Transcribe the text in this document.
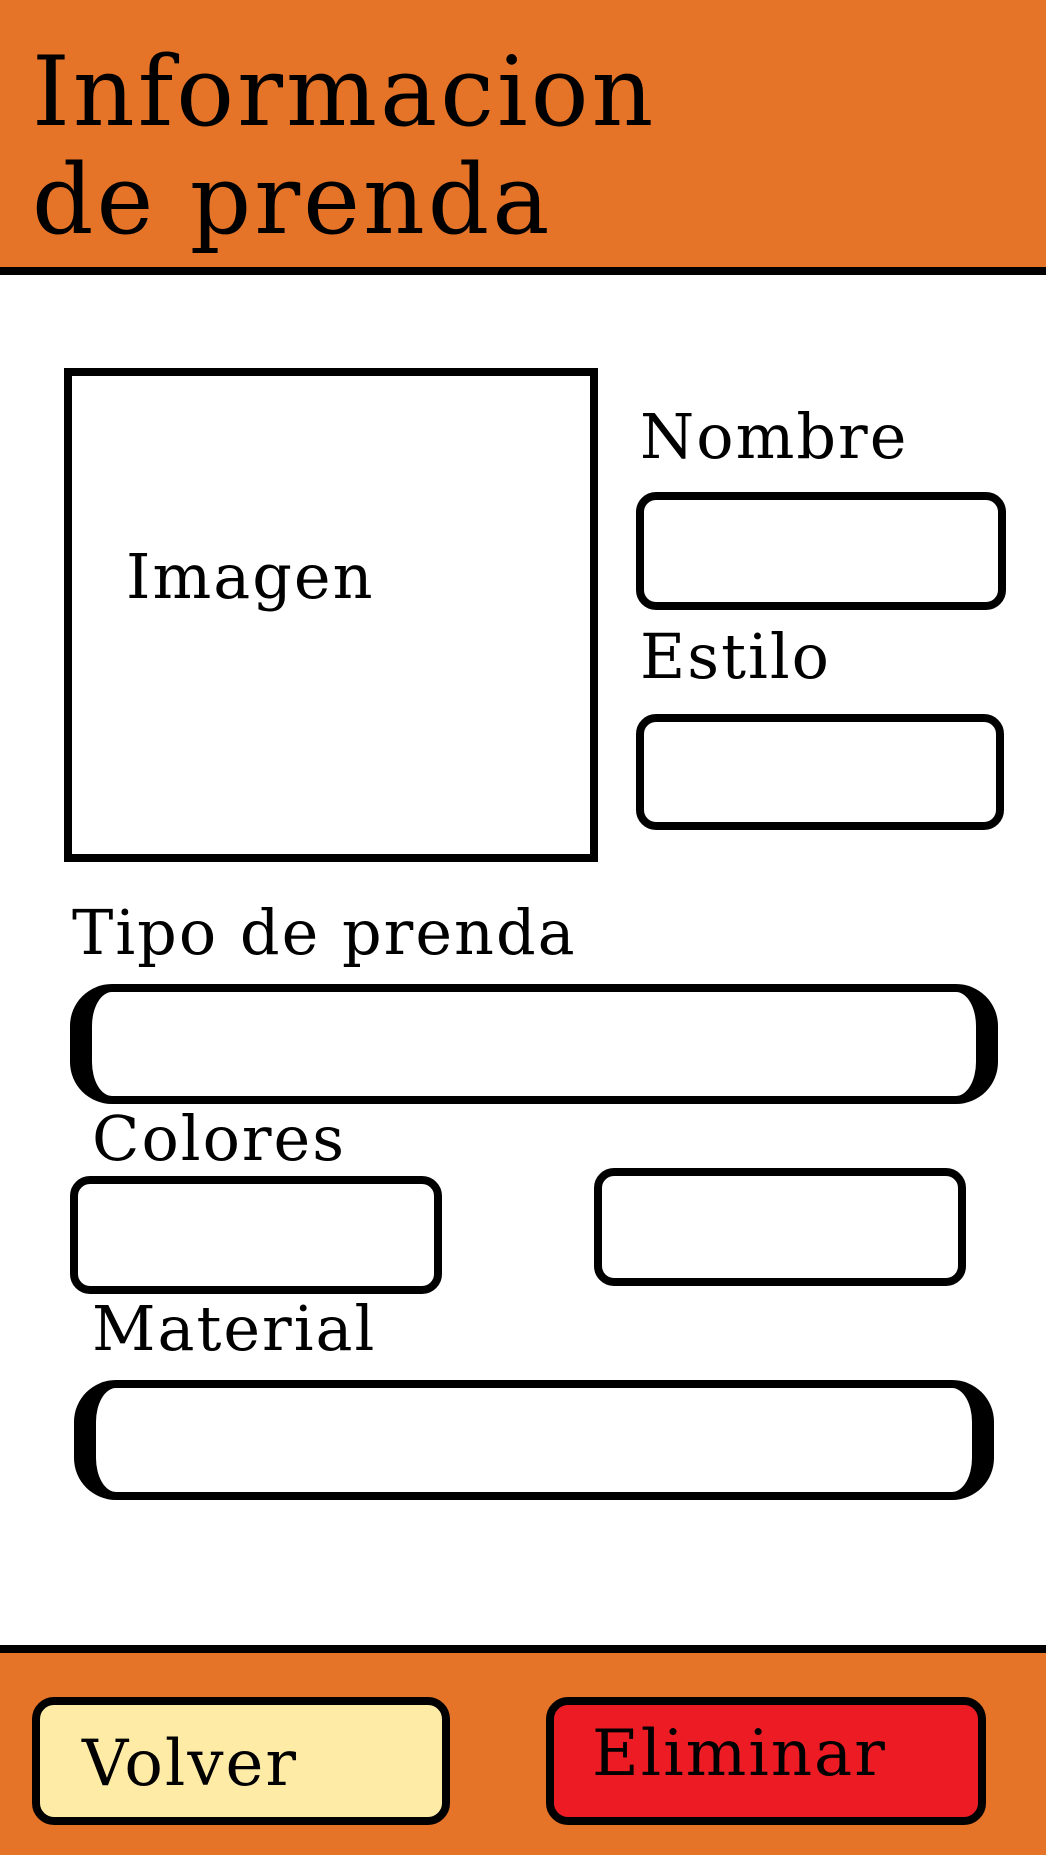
Informacion
de prenda
Imagen
Nombre
Estilo
Tipo de prenda
Colores
Material
Volver	Eliminar
